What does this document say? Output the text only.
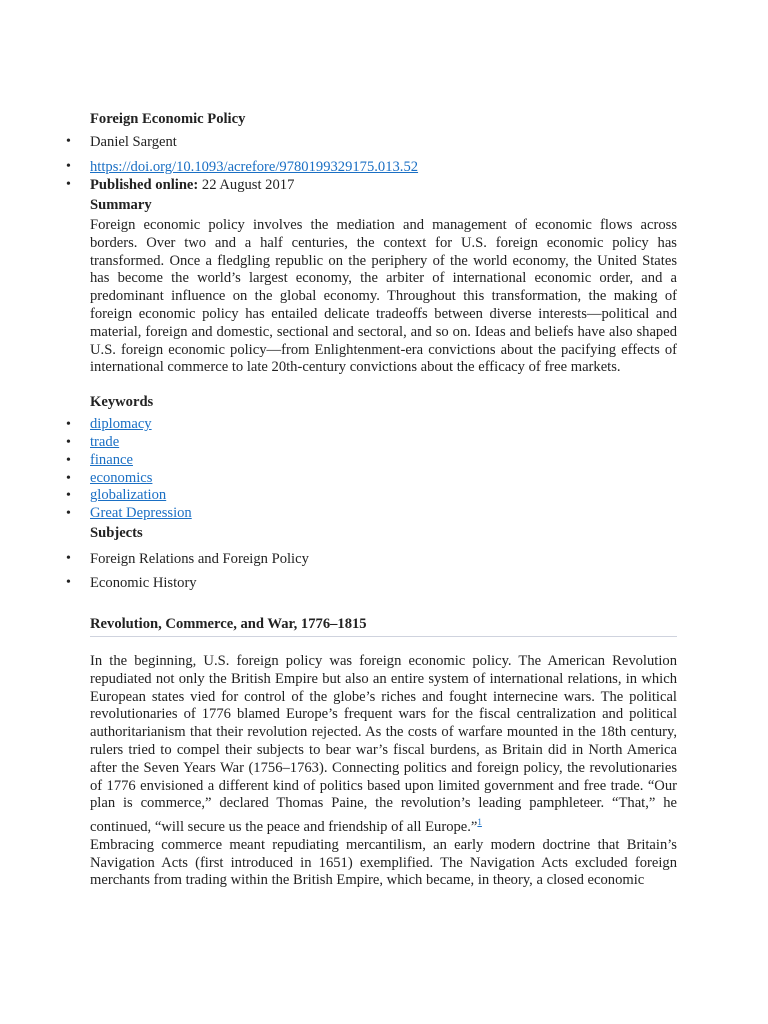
Foreign Economic Policy
• Daniel Sargent
• https://doi.org/10.1093/acrefore/9780199329175.013.52
• Published online: 22 August 2017
Summary

Foreign economic policy involves the mediation and management of economic flows across borders. Over two and a half centuries, the context for U.S. foreign economic policy has transformed. Once a fledgling republic on the periphery of the world economy, the United States has become the world’s largest economy, the arbiter of international economic order, and a predominant influence on the global economy. Throughout this transformation, the making of foreign economic policy has entailed delicate tradeoffs between diverse interests—political and material, foreign and domestic, sectional and sectoral, and so on. Ideas and beliefs have also shaped U.S. foreign economic policy—from Enlightenment-era convictions about the pacifying effects of international commerce to late 20th-century convictions about the efficacy of free markets.

Keywords
• diplomacy
• trade
• finance
• economics
• globalization
• Great Depression
Subjects
• Foreign Relations and Foreign Policy
• Economic History
Revolution, Commerce, and War, 1776–1815

In the beginning, U.S. foreign policy was foreign economic policy. The American Revolution repudiated not only the British Empire but also an entire system of international relations, in which European states vied for control of the globe’s riches and fought internecine wars. The political revolutionaries of 1776 blamed Europe’s frequent wars for the fiscal centralization and political authoritarianism that their revolution rejected. As the costs of warfare mounted in the 18th century, rulers tried to compel their subjects to bear war’s fiscal burdens, as Britain did in North America after the Seven Years War (1756–1763). Connecting politics and foreign policy, the revolutionaries of 1776 envisioned a different kind of politics based upon limited government and free trade. “Our plan is commerce,” declared Thomas Paine, the revolution’s leading pamphleteer. “That,” he continued, “will secure us the peace and friendship of all Europe.”$^1$

Embracing commerce meant repudiating mercantilism, an early modern doctrine that Britain’s Navigation Acts (first introduced in 1651) exemplified. The Navigation Acts excluded foreign merchants from trading within the British Empire, which became, in theory, a closed economic
